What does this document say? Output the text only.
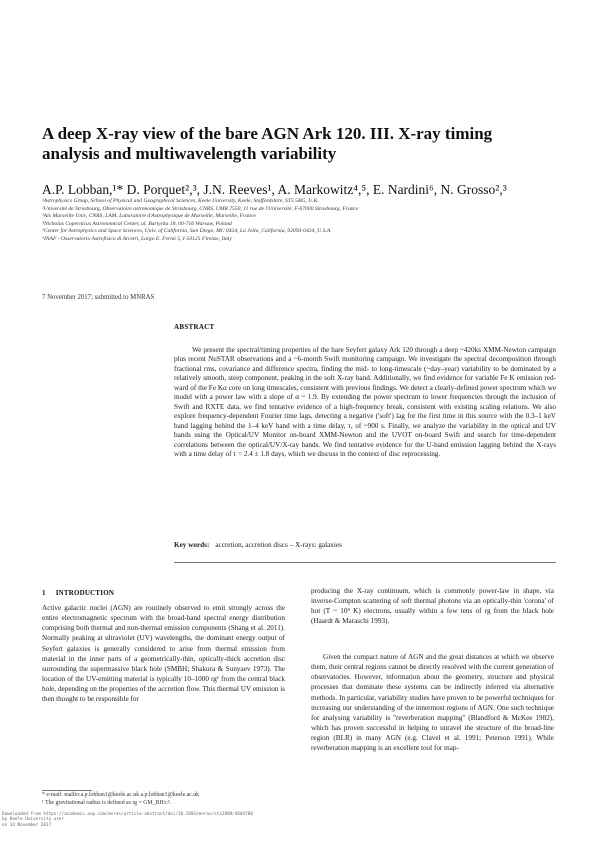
A deep X-ray view of the bare AGN Ark 120. III. X-ray timing
analysis and multiwavelength variability
A.P. Lobban,¹* D. Porquet²,³, J.N. Reeves¹, A. Markowitz⁴,⁵, E. Nardini⁶, N. Grosso²,³
¹Astrophysics Group, School of Physical and Geographical Sciences, Keele University, Keele, Staffordshire, ST5 5BG, U.K.
²Université de Strasbourg, Observatoire astronomique de Strasbourg, CNRS, UMR 7550, 11 rue de l'Université, F-67000 Strasbourg, France
³Aix Marseille Univ, CNRS, LAM, Laboratoire d'Astrophysique de Marseille, Marseille, France
⁴Nicholas Copernicus Astronomical Center, ul. Bartycka 18, 00-716 Warsaw, Poland
⁵Center for Astrophysics and Space Sciences, Univ. of California, San Diego, MC 0424, La Jolla, California, 92093-0424, U.S.A.
⁶INAF - Osservatorio Astrofisico di Arcetri, Largo E. Fermi 5, I-50125 Firenze, Italy
7 November 2017; submitted to MNRAS
ABSTRACT
We present the spectral/timing properties of the bare Seyfert galaxy Ark 120 through a deep ~420ks XMM-Newton campaign plus recent NuSTAR observations and a ~6-month Swift monitoring campaign. We investigate the spectral decomposition through fractional rms, covariance and difference spectra, finding the mid- to long-timescale (~day–year) variability to be dominated by a relatively smooth, steep component, peaking in the soft X-ray band. Additionally, we find evidence for variable Fe K emission red-ward of the Fe Kα core on long timescales, consistent with previous findings. We detect a clearly-defined power spectrum which we model with a power law with a slope of α ~ 1.9. By extending the power spectrum to lower frequencies through the inclusion of Swift and RXTE data, we find tentative evidence of a high-frequency break, consistent with existing scaling relations. We also explore frequency-dependent Fourier time lags, detecting a negative ('soft') lag for the first time in this source with the 0.3–1 keV band lagging behind the 1–4 keV band with a time delay, τ, of ~900 s. Finally, we analyze the variability in the optical and UV bands using the Optical/UV Monitor on-board XMM-Newton and the UVOT on-board Swift and search for time-dependent correlations between the optical/UV/X-ray bands. We find tentative evidence for the U-band emission lagging behind the X-rays with a time delay of τ = 2.4 ± 1.8 days, which we discuss in the context of disc reprocessing.
Key words: accretion, accretion discs – X-rays: galaxies
1 INTRODUCTION
Active galactic nuclei (AGN) are routinely observed to emit strongly across the entire electromagnetic spectrum with the broad-band spectral energy distribution comprising both thermal and non-thermal emission components (Shang et al. 2011). Normally peaking at ultraviolet (UV) wavelengths, the dominant energy output of Seyfert galaxies is generally considered to arise from thermal emission from material in the inner parts of a geometrically-thin, optically-thick accretion disc surrounding the supermassive black hole (SMBH; Shakura & Sunyaev 1973). The location of the UV-emitting material is typically 10–1000 rg¹ from the central black hole, depending on the properties of the accretion flow. This thermal UV emission is then thought to be responsible for
producing the X-ray continuum, which is commonly power-law in shape, via inverse-Compton scattering of soft thermal photons via an optically-thin 'corona' of hot (T ~ 10⁹ K) electrons, usually within a few tens of rg from the black hole (Haardt & Maraschi 1993).
Given the compact nature of AGN and the great distances at which we observe them, their central regions cannot be directly resolved with the current generation of observatories. However, information about the geometry, structure and physical processes that dominate these systems can be indirectly inferred via alternative methods. In particular, variability studies have proven to be powerful techniques for increasing our understanding of the innermost regions of AGN. One such technique for analysing variability is "reverberation mapping" (Blandford & McKee 1982), which has proven successful in helping to unravel the structure of the broad-line region (BLR) in many AGN (e.g. Clavel et al. 1991; Peterson 1991). While reverberation mapping is an excellent tool for map-
* e-mail: mailto:a.p.lobban1@keele.ac.uk a.p.lobban1@keele.ac.uk
¹ The gravitational radius is defined as rg = GM_BH/c².
Downloaded from https://academic.oup.com/mnras/article-abstract/doi/10.1093/mnras/stx2889/4604788
by Keele University user
on 14 November 2017
